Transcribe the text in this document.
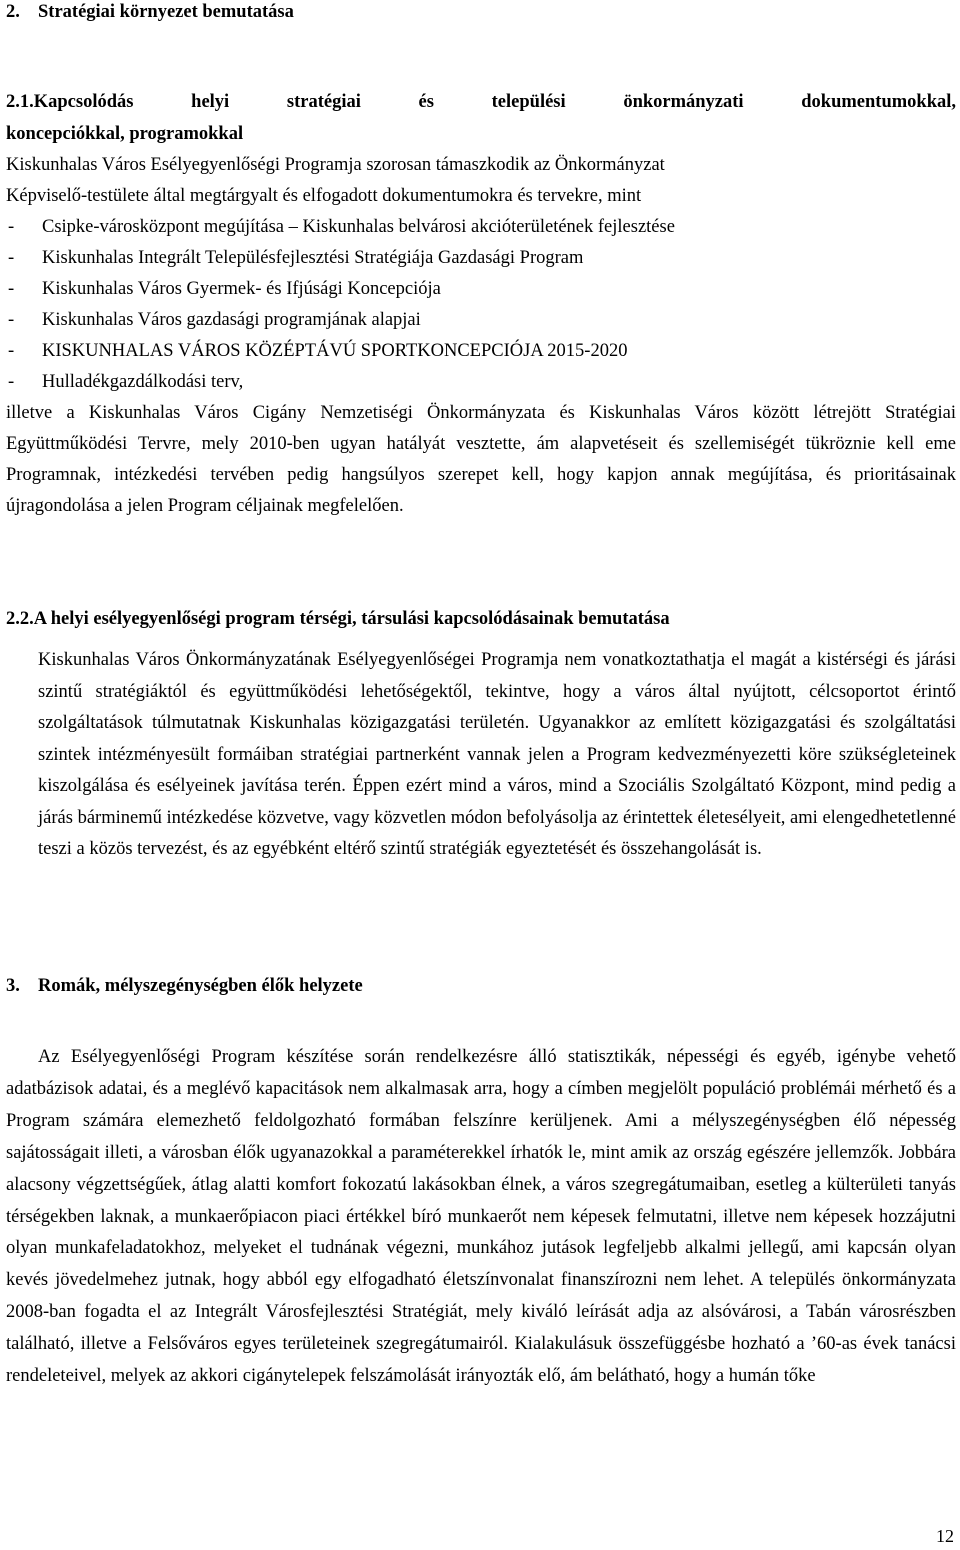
2. Stratégiai környezet bemutatása
2.1.Kapcsolódás helyi stratégiai és települési önkormányzati dokumentumokkal,
koncepciókkal, programokkal
Kiskunhalas Város Esélyegyenlőségi Programja szorosan támaszkodik az Önkormányzat
Képviselő-testülete által megtárgyalt és elfogadott dokumentumokra és tervekre, mint
- Csipke-városközpont megújítása – Kiskunhalas belvárosi akcióterületének fejlesztése
- Kiskunhalas Integrált Településfejlesztési Stratégiája Gazdasági Program
- Kiskunhalas Város Gyermek- és Ifjúsági Koncepciója
- Kiskunhalas Város gazdasági programjának alapjai
- KISKUNHALAS VÁROS KÖZÉPTÁVÚ SPORTKONCEPCIÓJA 2015-2020
- Hulladékgazdálkodási terv,
illetve a Kiskunhalas Város Cigány Nemzetiségi Önkormányzata és Kiskunhalas Város között létrejött Stratégiai Együttműködési Tervre, mely 2010-ben ugyan hatályát vesztette, ám alapvetéseit és szellemiségét tükröznie kell eme Programnak, intézkedési tervében pedig hangsúlyos szerepet kell, hogy kapjon annak megújítása, és prioritásainak újragondolása a jelen Program céljainak megfelelően.
2.2.A helyi esélyegyenlőségi program térségi, társulási kapcsolódásainak bemutatása
Kiskunhalas Város Önkormányzatának Esélyegyenlőségei Programja nem vonatkoztathatja el magát a kistérségi és járási szintű stratégiáktól és együttműködési lehetőségektől, tekintve, hogy a város által nyújtott, célcsoportot érintő szolgáltatások túlmutatnak Kiskunhalas közigazgatási területén. Ugyanakkor az említett közigazgatási és szolgáltatási szintek intézményesült formáiban stratégiai partnerként vannak jelen a Program kedvezményezetti köre szükségleteinek kiszolgálása és esélyeinek javítása terén. Éppen ezért mind a város, mind a Szociális Szolgáltató Központ, mind pedig a járás bárminemű intézkedése közvetve, vagy közvetlen módon befolyásolja az érintettek életesélyeit, ami elengedhetetlenné teszi a közös tervezést, és az egyébként eltérő szintű stratégiák egyeztetését és összehangolását is.
3. Romák, mélyszegénységben élők helyzete
Az Esélyegyenlőségi Program készítése során rendelkezésre álló statisztikák, népességi és egyéb, igénybe vehető adatbázisok adatai, és a meglévő kapacitások nem alkalmasak arra, hogy a címben megjelölt populáció problémái mérhető és a Program számára elemezhető feldolgozható formában felszínre kerüljenek. Ami a mélyszegénységben élő népesség sajátosságait illeti, a városban élők ugyanazokkal a paraméterekkel írhatók le, mint amik az ország egészére jellemzők. Jobbára alacsony végzettségűek, átlag alatti komfort fokozatú lakásokban élnek, a város szegregátumaiban, esetleg a külterületi tanyás térségekben laknak, a munkaerőpiacon piaci értékkel bíró munkaerőt nem képesek felmutatni, illetve nem képesek hozzájutni olyan munkafeladatokhoz, melyeket el tudnának végezni, munkához jutások legfeljebb alkalmi jellegű, ami kapcsán olyan kevés jövedelmehez jutnak, hogy abból egy elfogadható életszínvonalat finanszírozni nem lehet. A település önkormányzata 2008-ban fogadta el az Integrált Városfejlesztési Stratégiát, mely kiváló leírását adja az alsóvárosi, a Tabán városrészben található, illetve a Felsőváros egyes területeinek szegregátumairól. Kialakulásuk összefüggésbe hozható a ’60-as évek tanácsi rendeleteivel, melyek az akkori cigánytelepek felszámolását irányozták elő, ám belátható, hogy a humán tőke
12
